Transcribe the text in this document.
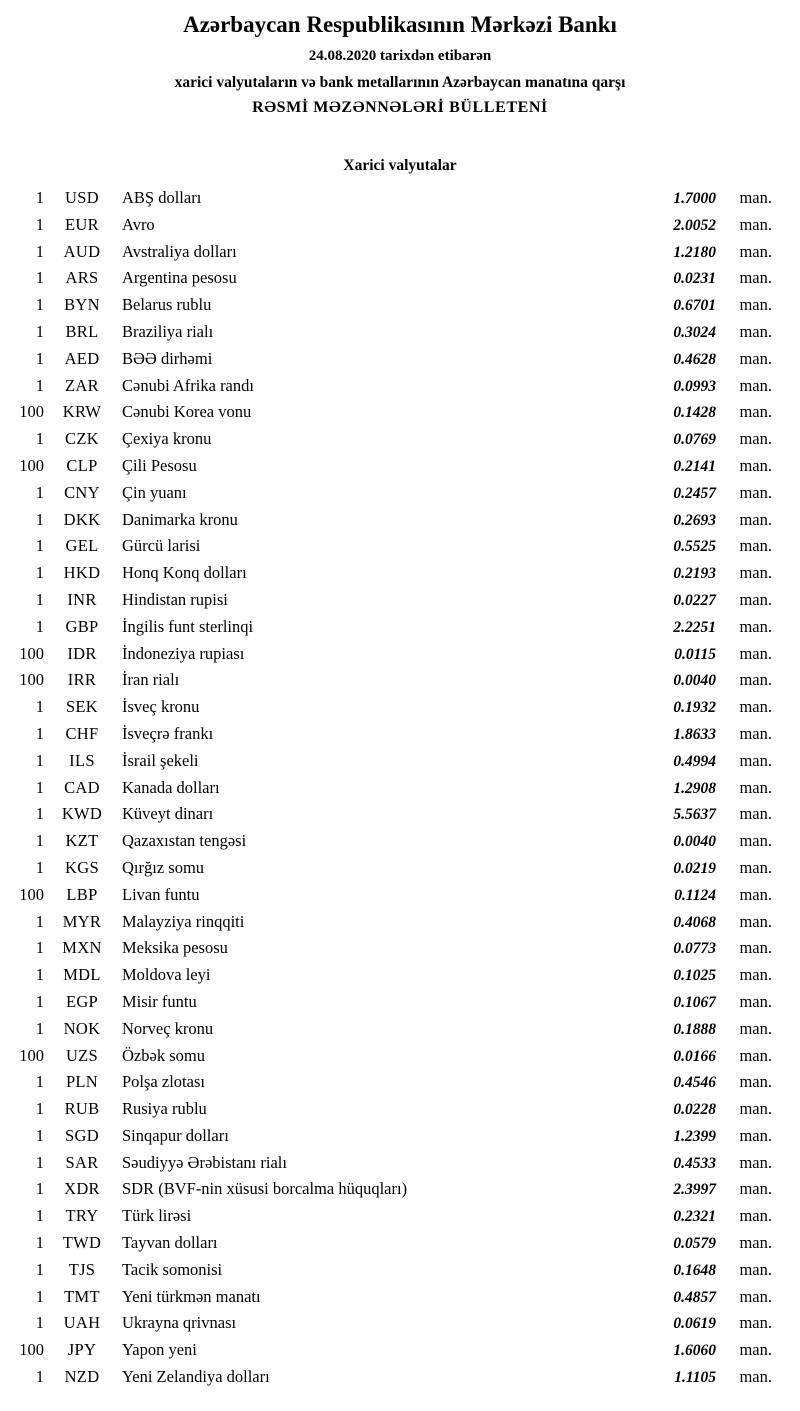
Azərbaycan Respublikasının Mərkəzi Bankı
24.08.2020 tarixdən etibarən
xarici valyutaların və bank metallarının Azərbaycan manatına qarşı
RƏSMİ MƏZƏNNƏLƏRİ BÜLLETENİ
Xarici valyutalar
1	USD	ABŞ dolları	1.7000	man.
1	EUR	Avro	2.0052	man.
1	AUD	Avstraliya dolları	1.2180	man.
1	ARS	Argentina pesosu	0.0231	man.
1	BYN	Belarus rublu	0.6701	man.
1	BRL	Braziliya rialı	0.3024	man.
1	AED	BƏƏ dirhəmi	0.4628	man.
1	ZAR	Cənubi Afrika randı	0.0993	man.
100	KRW	Cənubi Korea vonu	0.1428	man.
1	CZK	Çexiya kronu	0.0769	man.
100	CLP	Çili Pesosu	0.2141	man.
1	CNY	Çin yuanı	0.2457	man.
1	DKK	Danimarka kronu	0.2693	man.
1	GEL	Gürcü larisi	0.5525	man.
1	HKD	Honq Konq dolları	0.2193	man.
1	INR	Hindistan rupisi	0.0227	man.
1	GBP	İngilis funt sterlinqi	2.2251	man.
100	IDR	İndoneziya rupiası	0.0115	man.
100	IRR	İran rialı	0.0040	man.
1	SEK	İsveç kronu	0.1932	man.
1	CHF	İsveçrə frankı	1.8633	man.
1	ILS	İsrail şekeli	0.4994	man.
1	CAD	Kanada dolları	1.2908	man.
1	KWD	Küveyt dinarı	5.5637	man.
1	KZT	Qazaxıstan tengəsi	0.0040	man.
1	KGS	Qırğız somu	0.0219	man.
100	LBP	Livan funtu	0.1124	man.
1	MYR	Malayziya rinqqiti	0.4068	man.
1	MXN	Meksika pesosu	0.0773	man.
1	MDL	Moldova leyi	0.1025	man.
1	EGP	Misir funtu	0.1067	man.
1	NOK	Norveç kronu	0.1888	man.
100	UZS	Özbək somu	0.0166	man.
1	PLN	Polşa zlotası	0.4546	man.
1	RUB	Rusiya rublu	0.0228	man.
1	SGD	Sinqapur dolları	1.2399	man.
1	SAR	Səudiyyə Ərəbistanı rialı	0.4533	man.
1	XDR	SDR (BVF-nin xüsusi borcalma hüquqları)	2.3997	man.
1	TRY	Türk lirəsi	0.2321	man.
1	TWD	Tayvan dolları	0.0579	man.
1	TJS	Tacik somonisi	0.1648	man.
1	TMT	Yeni türkmən manatı	0.4857	man.
1	UAH	Ukrayna qrivnası	0.0619	man.
100	JPY	Yapon yeni	1.6060	man.
1	NZD	Yeni Zelandiya dolları	1.1105	man.
